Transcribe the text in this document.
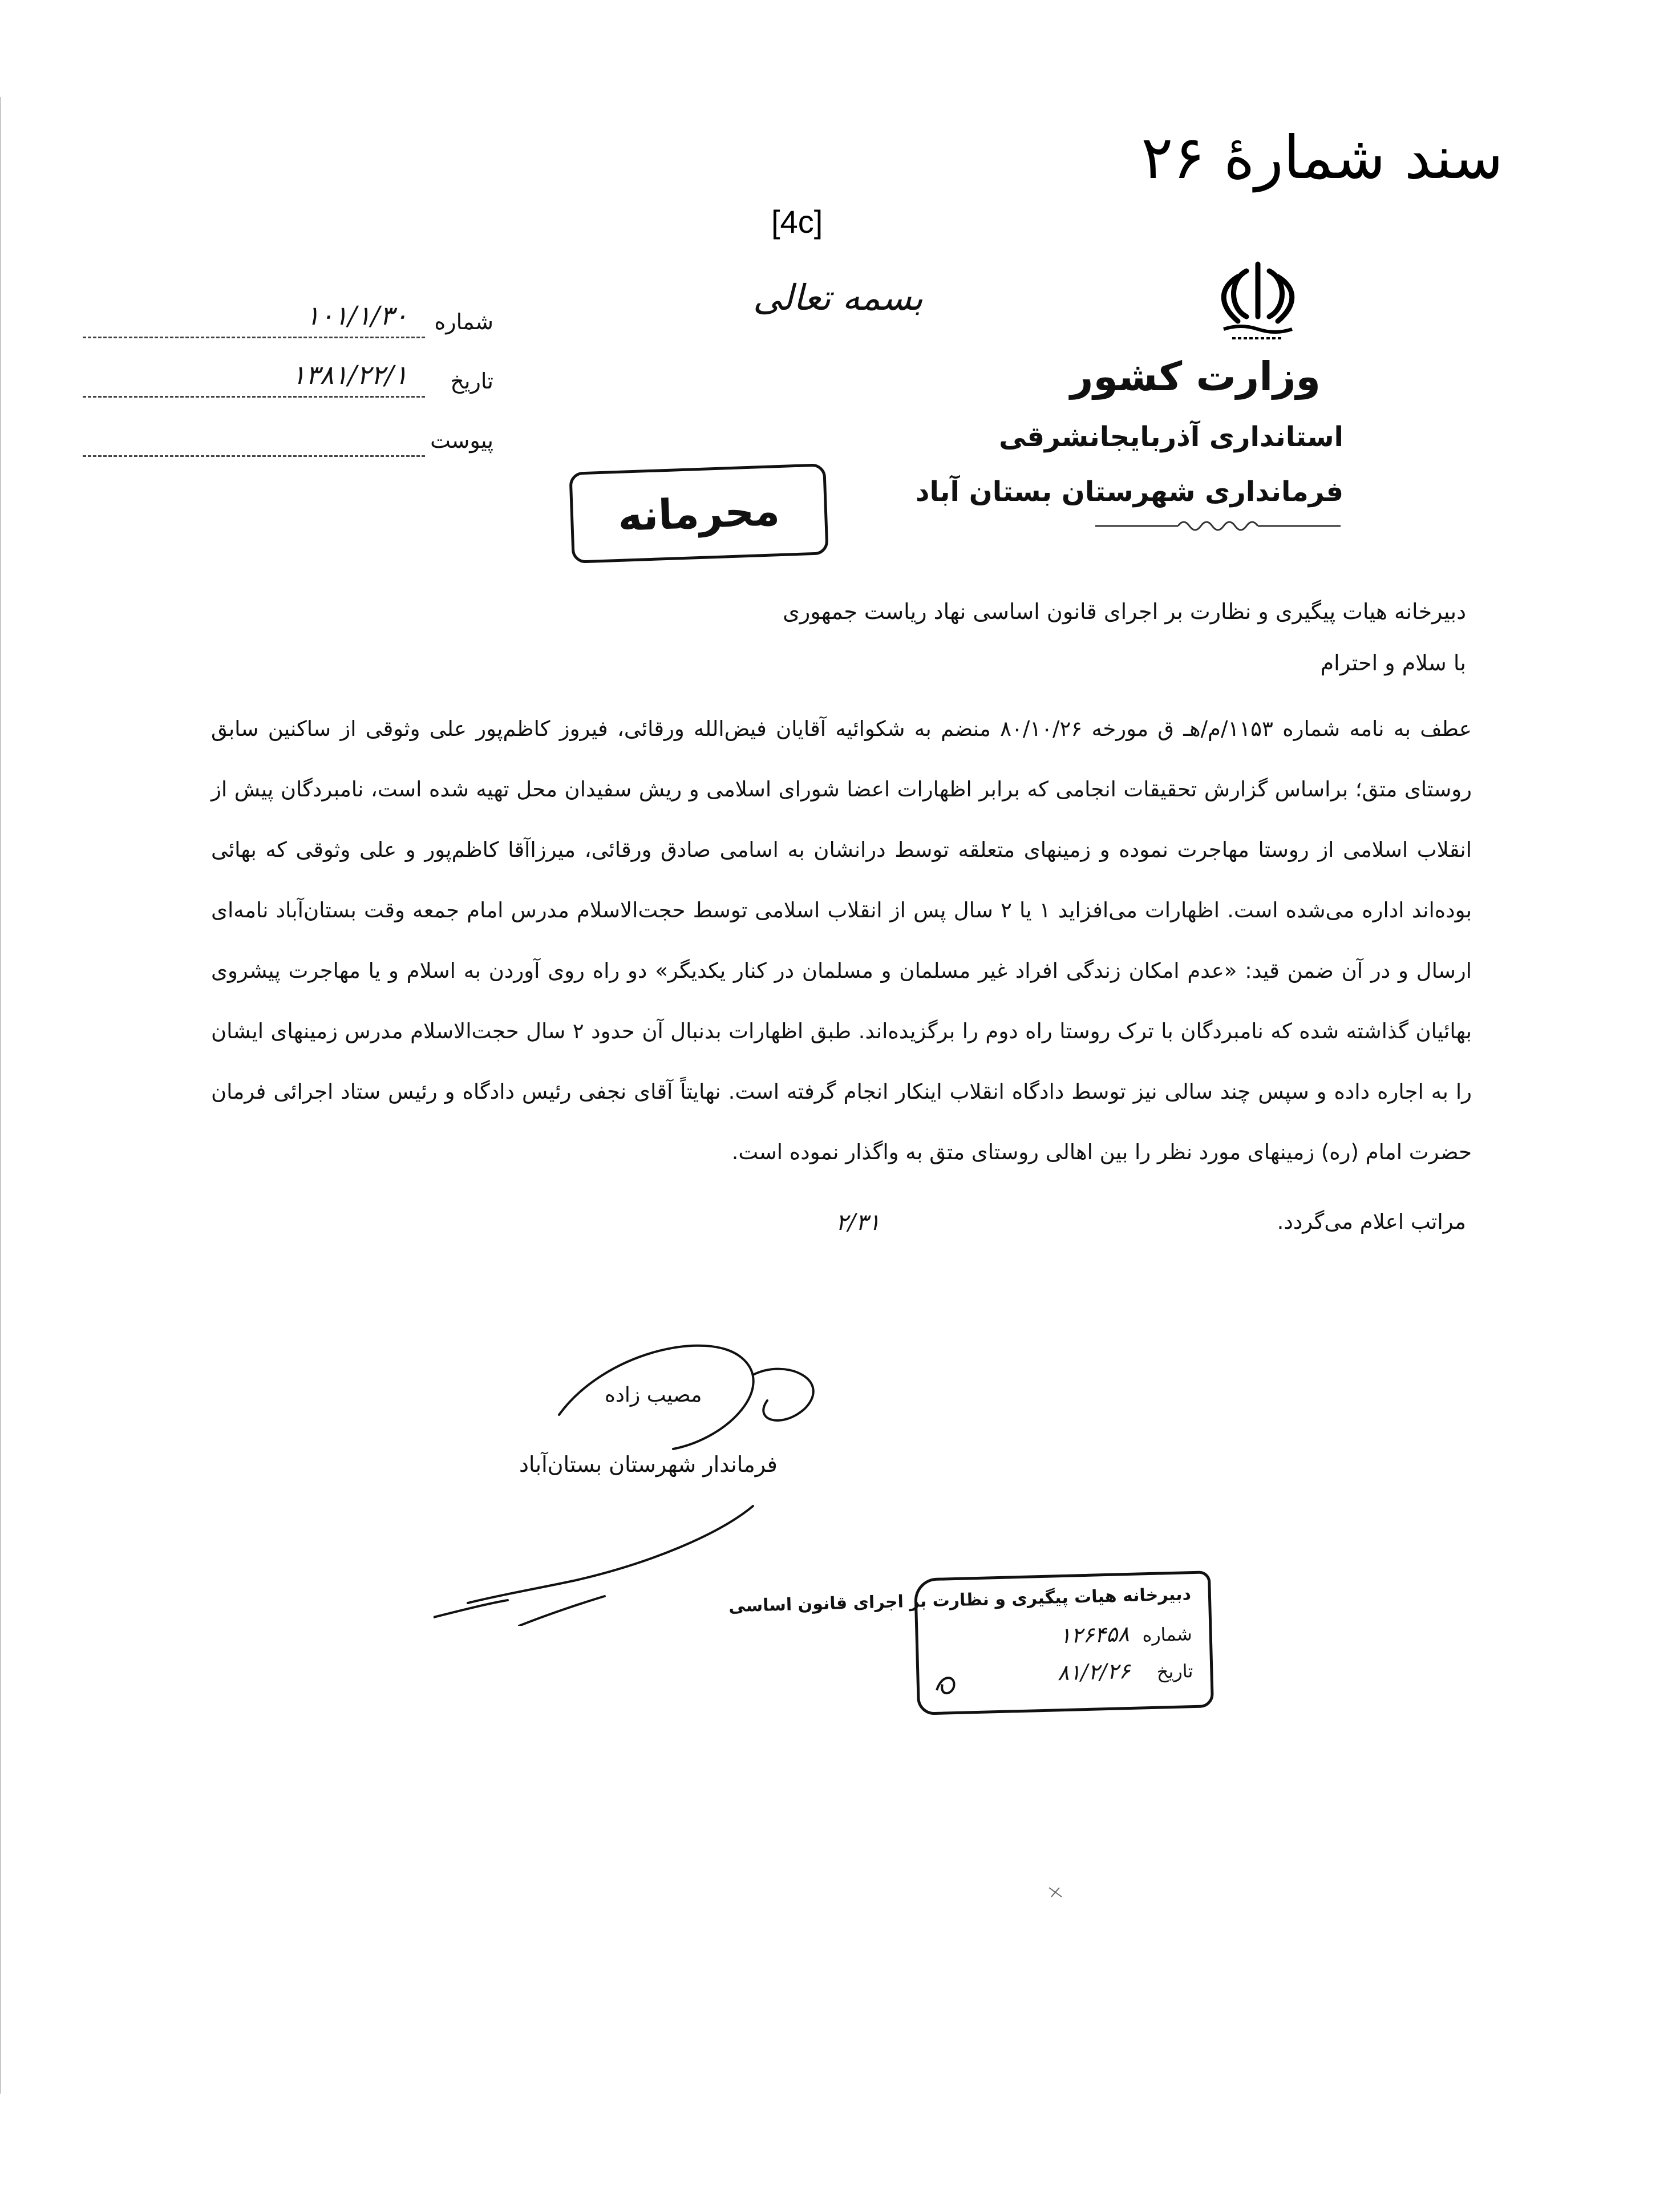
سند شمارهٔ ۲۶
[4c]
بسمه تعالی
وزارت کشور
استانداری آذربایجانشرقی
فرمانداری شهرستان بستان آباد
شماره
۱۰۱/۱/۳۰
تاریخ
۱۳۸۱/۲۲/۱
پیوست
محرمانه
دبیرخانه هیات پیگیری و نظارت بر اجرای قانون اساسی نهاد ریاست جمهوری
با سلام و احترام
عطف به نامه شماره ۱۱۵۳/م/هـ ق مورخه ۸۰/۱۰/۲۶ منضم به شکوائیه آقایان فیض‌الله ورقائی، فیروز کاظم‌پور علی وثوقی از ساکنین سابق روستای متق؛ براساس گزارش تحقیقات انجامی که برابر اظهارات اعضا شورای اسلامی و ریش سفیدان محل تهیه شده است، نامبردگان پیش از انقلاب اسلامی از روستا مهاجرت نموده و زمینهای متعلقه توسط درانشان به اسامی صادق ورقائی، میرزاآقا کاظم‌پور و علی وثوقی که بهائی بوده‌اند اداره می‌شده است. اظهارات می‌افزاید ۱ یا ۲ سال پس از انقلاب اسلامی توسط حجت‌الاسلام مدرس امام جمعه وقت بستان‌آباد نامه‌ای ارسال و در آن ضمن قید: «عدم امکان زندگی افراد غیر مسلمان و مسلمان در کنار یکدیگر» دو راه روی آوردن به اسلام و یا مهاجرت پیشروی بهائیان گذاشته شده که نامبردگان با ترک روستا راه دوم را برگزیده‌اند. طبق اظهارات بدنبال آن حدود ۲ سال حجت‌الاسلام مدرس زمینهای ایشان را به اجاره داده و سپس چند سالی نیز توسط دادگاه انقلاب اینکار انجام گرفته است. نهایتاً آقای نجفی رئیس دادگاه و رئیس ستاد اجرائی فرمان حضرت امام (ره) زمینهای مورد نظر را بین اهالی روستای متق به واگذار نموده است.
مراتب اعلام می‌گردد.
۲/۳۱
مصیب زاده
فرماندار شهرستان بستان‌آباد
دبیرخانه هیات پیگیری و نظارت بر اجرای قانون اساسی
شماره
۱۲۶۴۵۸
تاریخ
۸۱/۲/۲۶
